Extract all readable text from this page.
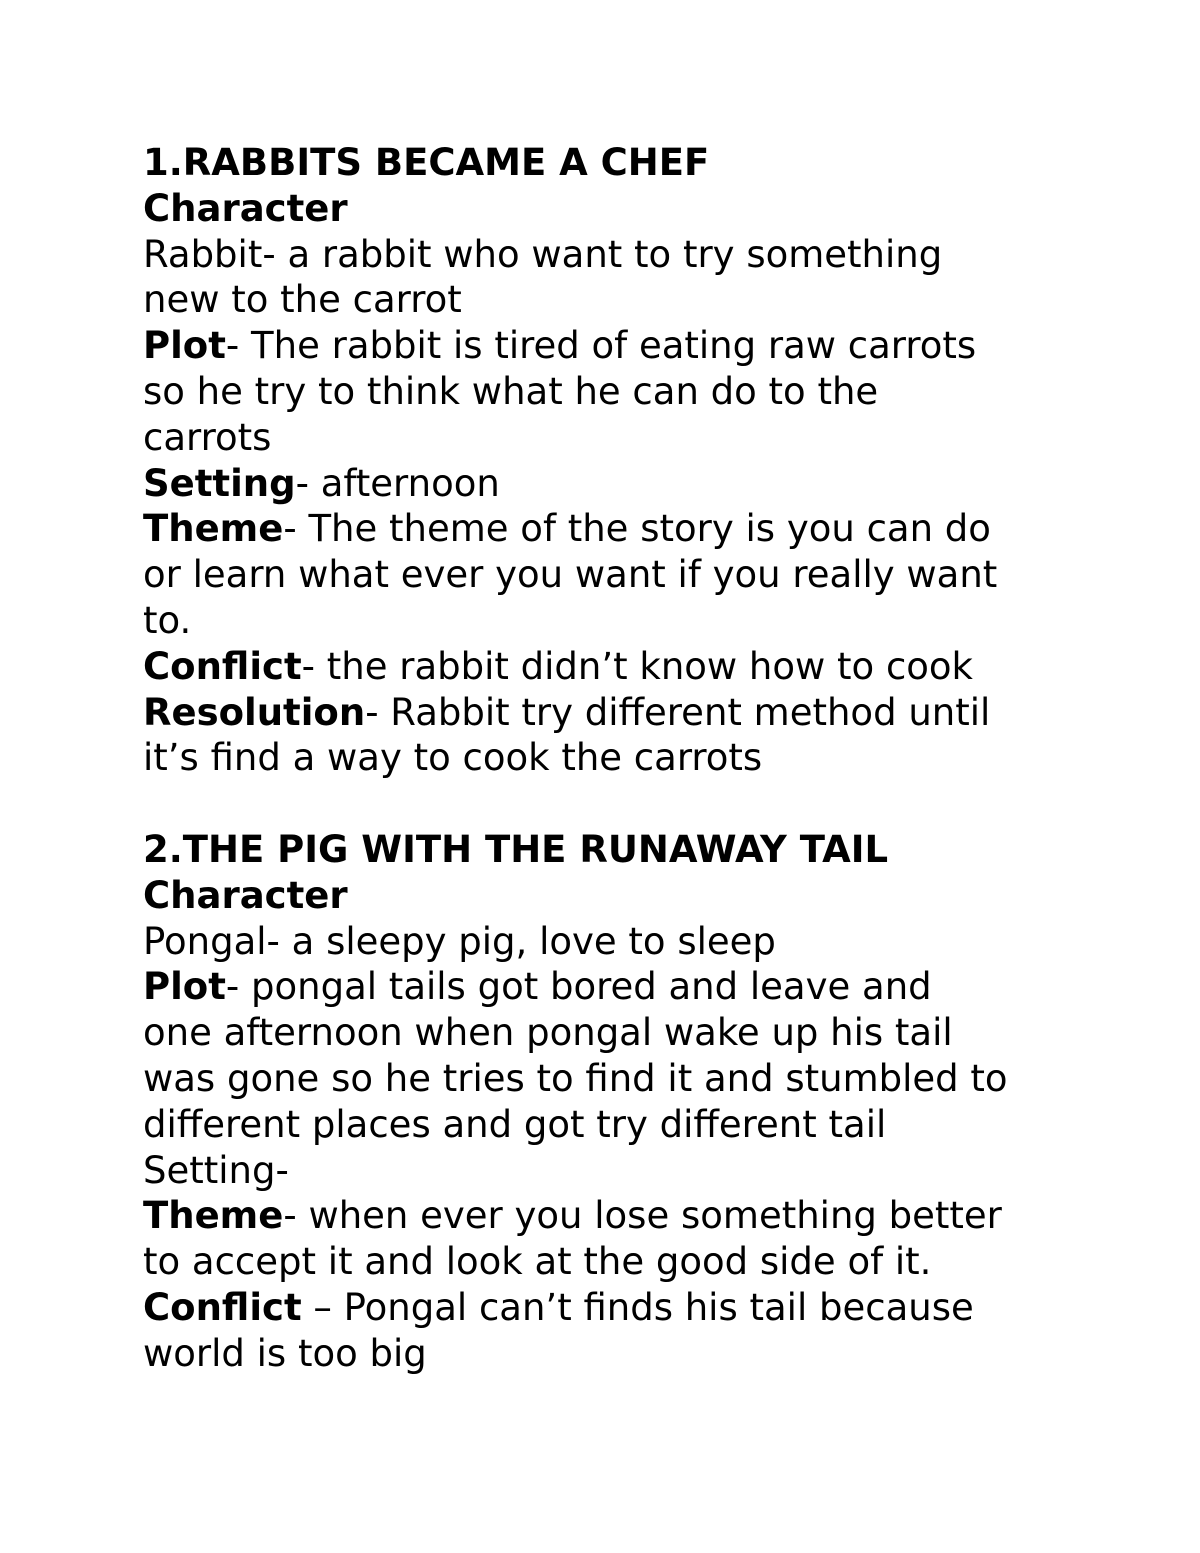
1.RABBITS BECAME A CHEF

Character

Rabbit- a rabbit who want to try something

new to the carrot

Plot- The rabbit is tired of eating raw carrots

so he try to think what he can do to the

carrots

Setting- afternoon

Theme- The theme of the story is you can do

or learn what ever you want if you really want

to.

Conflict- the rabbit didn’t know how to cook

Resolution- Rabbit try different method until

it’s find a way to cook the carrots

2.THE PIG WITH THE RUNAWAY TAIL

Character

Pongal- a sleepy pig, love to sleep

Plot- pongal tails got bored and leave and

one afternoon when pongal wake up his tail

was gone so he tries to find it and stumbled to

different places and got try different tail

Setting-

Theme- when ever you lose something better

to accept it and look at the good side of it.

Conflict – Pongal can’t finds his tail because

world is too big
